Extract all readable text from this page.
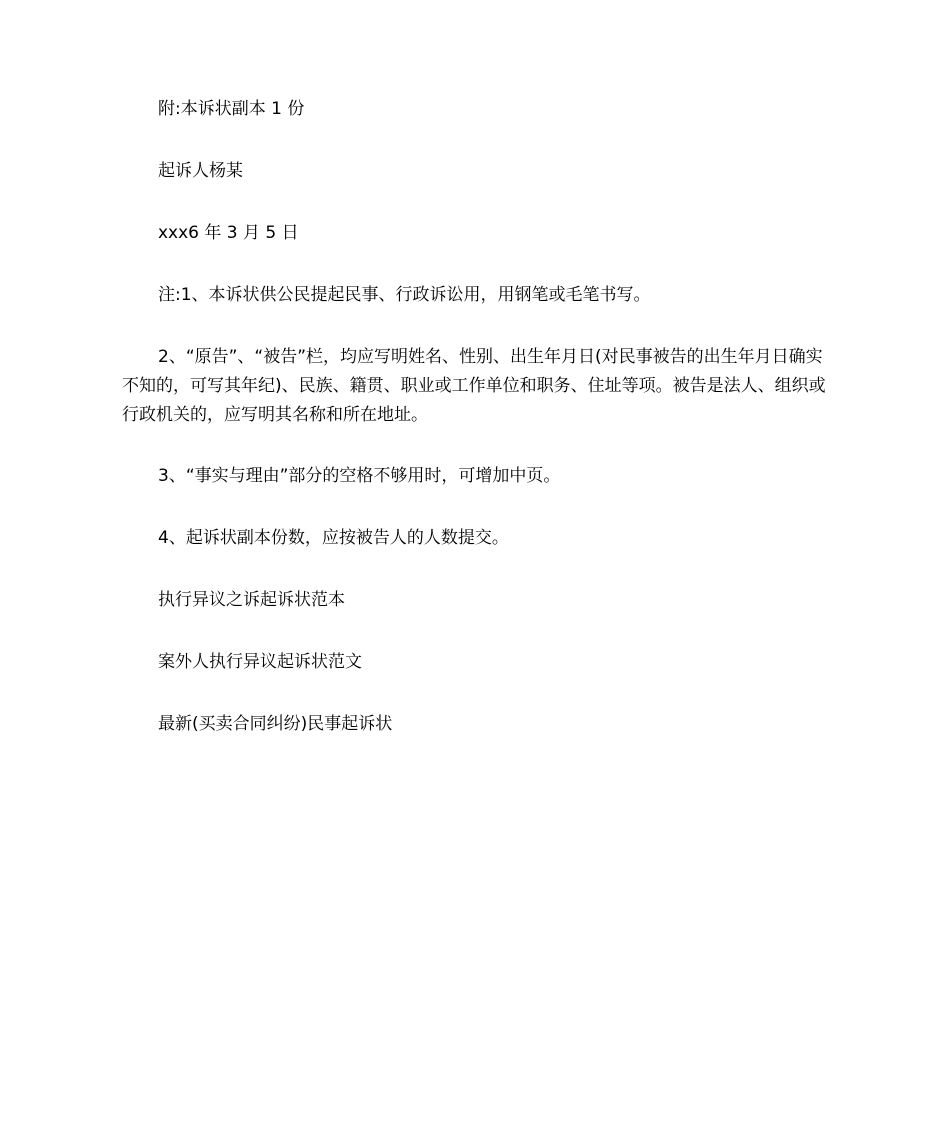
附:本诉状副本 1 份

起诉人杨某

xxx6 年 3 月 5 日

注:1、本诉状供公民提起民事、行政诉讼用，用钢笔或毛笔书写。

2、“原告”、“被告”栏，均应写明姓名、性别、出生年月日(对民事被告的出生年月日确实不知的，可写其年纪)、民族、籍贯、职业或工作单位和职务、住址等项。被告是法人、组织或行政机关的，应写明其名称和所在地址。

3、“事实与理由”部分的空格不够用时，可增加中页。

4、起诉状副本份数，应按被告人的人数提交。

执行异议之诉起诉状范本

案外人执行异议起诉状范文

最新(买卖合同纠纷)民事起诉状
